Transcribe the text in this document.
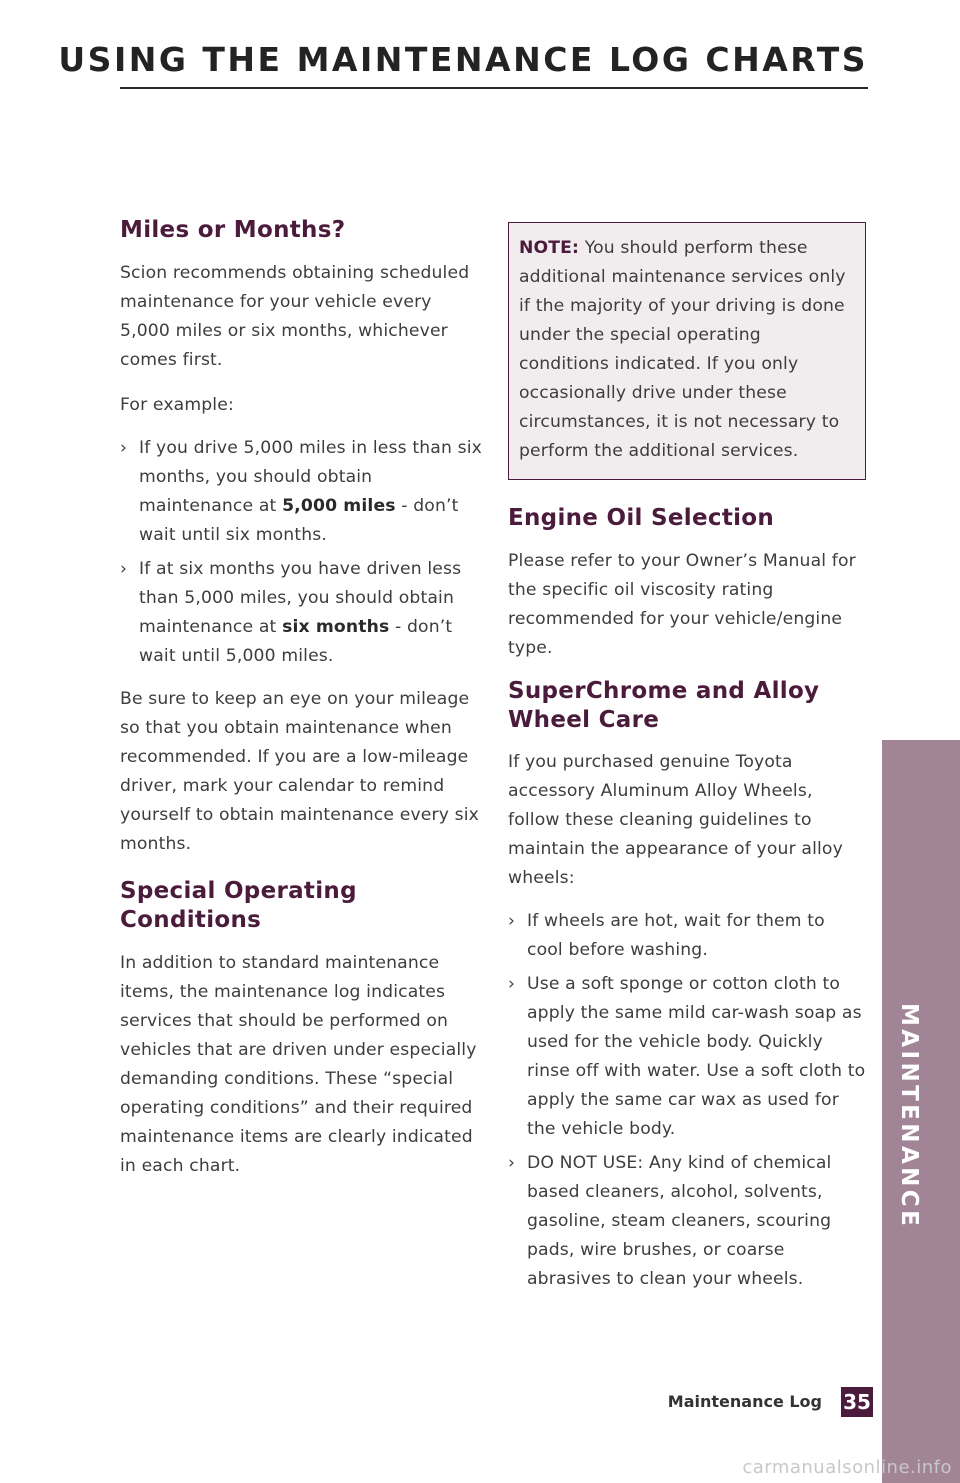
USING THE MAINTENANCE LOG CHARTS
Miles or Months?

Scion recommends obtaining scheduled maintenance for your vehicle every 5,000 miles or six months, whichever comes first.

For example:

› If you drive 5,000 miles in less than six months, you should obtain maintenance at 5,000 miles - don’t wait until six months.
› If at six months you have driven less than 5,000 miles, you should obtain maintenance at six months - don’t wait until 5,000 miles.

Be sure to keep an eye on your mileage so that you obtain maintenance when recommended. If you are a low-mileage driver, mark your calendar to remind yourself to obtain maintenance every six months.

Special Operating Conditions

In addition to standard maintenance items, the maintenance log indicates services that should be performed on vehicles that are driven under especially demanding conditions. These “special operating conditions” and their required maintenance items are clearly indicated in each chart.

NOTE: You should perform these additional maintenance services only if the majority of your driving is done under the special operating conditions indicated. If you only occasionally drive under these circumstances, it is not necessary to perform the additional services.

Engine Oil Selection

Please refer to your Owner’s Manual for the specific oil viscosity rating recommended for your vehicle/engine type.

SuperChrome and Alloy
Wheel Care

If you purchased genuine Toyota accessory Aluminum Alloy Wheels, follow these cleaning guidelines to maintain the appearance of your alloy wheels:

› If wheels are hot, wait for them to cool before washing.
› Use a soft sponge or cotton cloth to apply the same mild car-wash soap as used for the vehicle body. Quickly rinse off with water. Use a soft cloth to apply the same car wax as used for the vehicle body.
› DO NOT USE: Any kind of chemical based cleaners, alcohol, solvents, gasoline, steam cleaners, scouring pads, wire brushes, or coarse abrasives to clean your wheels.
MAINTENANCE
Maintenance Log 35
carmanualsonline.info
